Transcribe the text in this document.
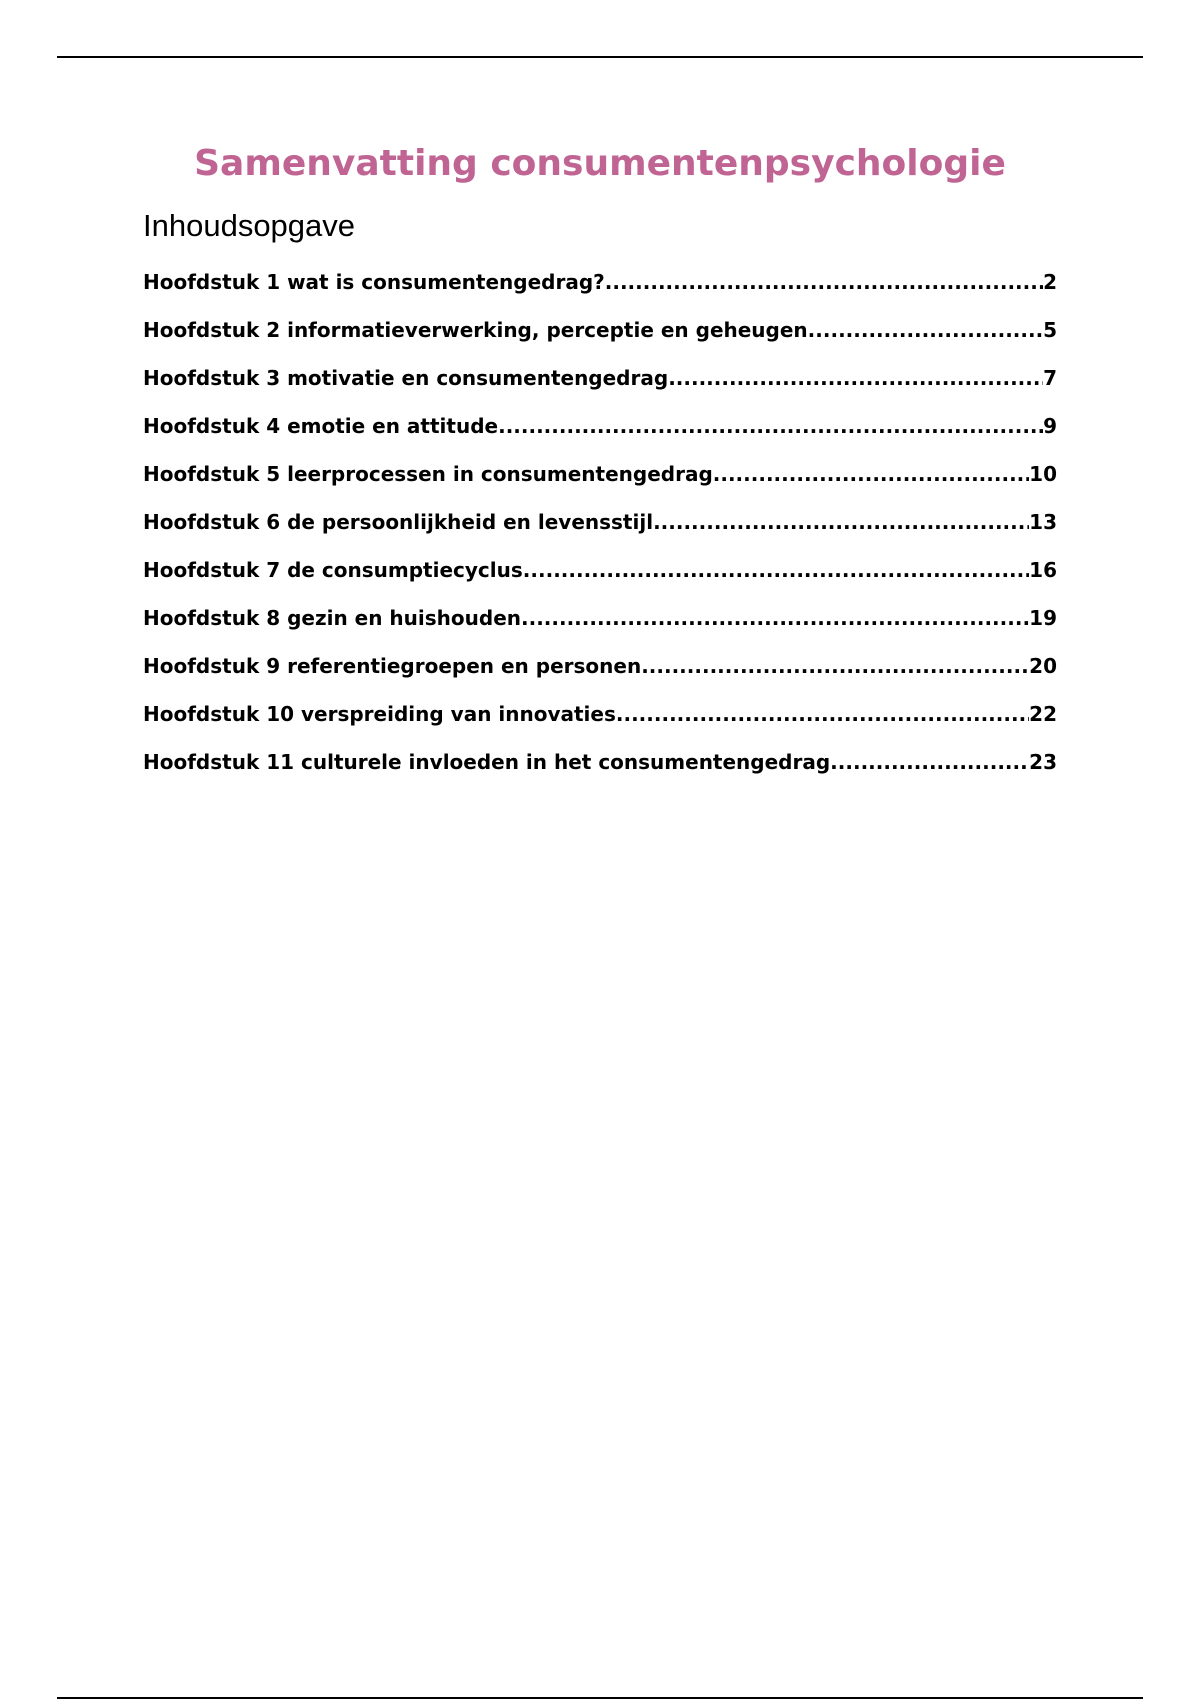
Samenvatting consumentenpsychologie
Inhoudsopgave
Hoofdstuk 1 wat is consumentengedrag? .....	2
Hoofdstuk 2 informatieverwerking, perceptie en geheugen .....	5
Hoofdstuk 3 motivatie en consumentengedrag .....	7
Hoofdstuk 4 emotie en attitude .....	9
Hoofdstuk 5 leerprocessen in consumentengedrag .....	10
Hoofdstuk 6 de persoonlijkheid en levensstijl .....	13
Hoofdstuk 7 de consumptiecyclus .....	16
Hoofdstuk 8 gezin en huishouden .....	19
Hoofdstuk 9 referentiegroepen en personen .....	20
Hoofdstuk 10 verspreiding van innovaties .....	22
Hoofdstuk 11 culturele invloeden in het consumentengedrag .....	23
